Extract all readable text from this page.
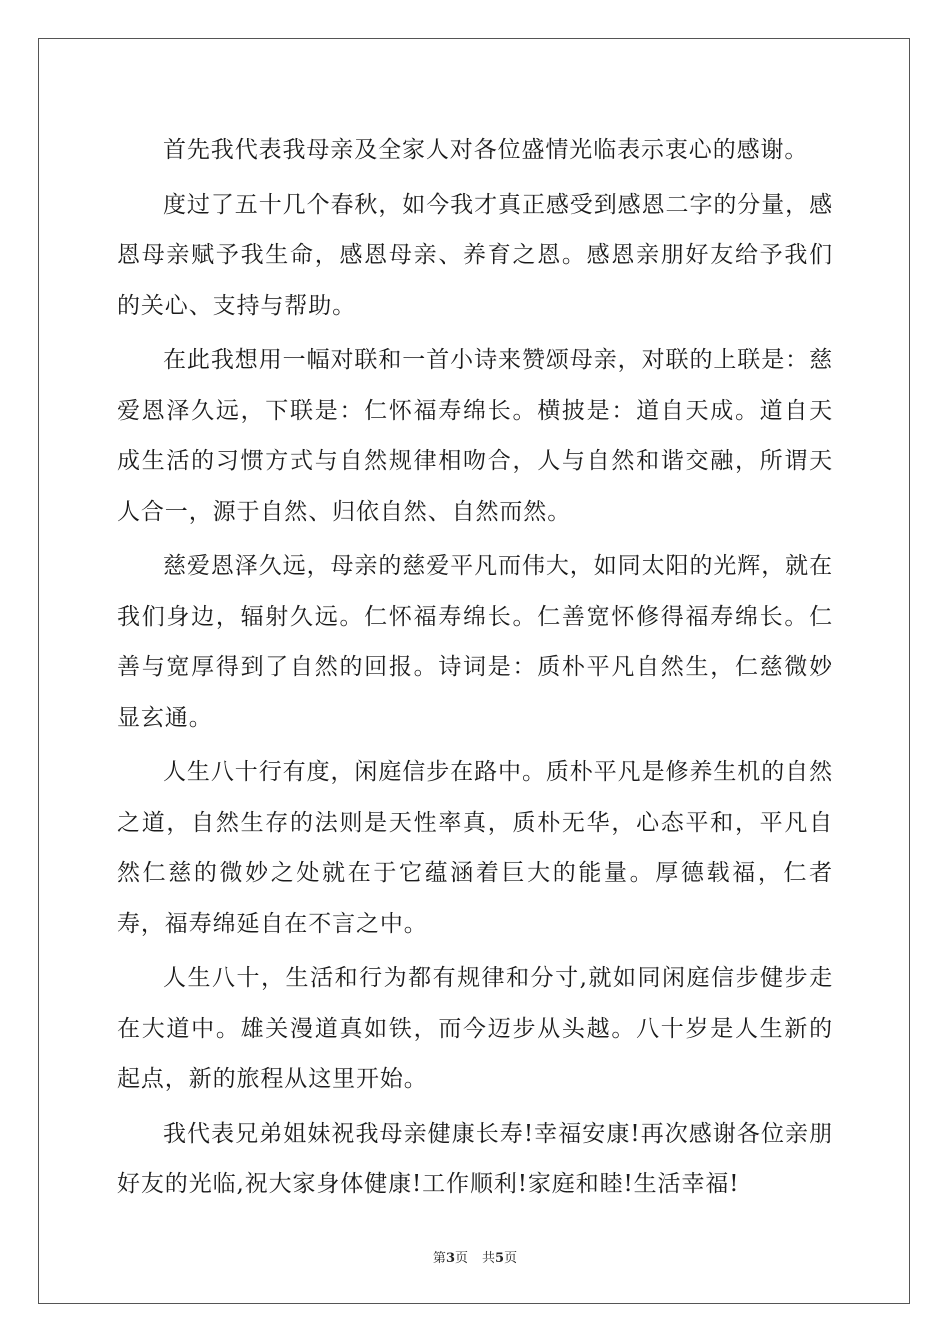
首先我代表我母亲及全家人对各位盛情光临表示衷心的感谢。

度过了五十几个春秋，如今我才真正感受到感恩二字的分量，感恩母亲赋予我生命，感恩母亲、养育之恩。感恩亲朋好友给予我们的关心、支持与帮助。

在此我想用一幅对联和一首小诗来赞颂母亲，对联的上联是：慈爱恩泽久远，下联是：仁怀福寿绵长。横披是：道自天成。道自天成生活的习惯方式与自然规律相吻合，人与自然和谐交融，所谓天人合一，源于自然、归依自然、自然而然。

慈爱恩泽久远，母亲的慈爱平凡而伟大，如同太阳的光辉，就在我们身边，辐射久远。仁怀福寿绵长。仁善宽怀修得福寿绵长。仁善与宽厚得到了自然的回报。诗词是：质朴平凡自然生，仁慈微妙显玄通。

人生八十行有度，闲庭信步在路中。质朴平凡是修养生机的自然之道，自然生存的法则是天性率真，质朴无华，心态平和，平凡自然仁慈的微妙之处就在于它蕴涵着巨大的能量。厚德载福，仁者寿，福寿绵延自在不言之中。

人生八十，生活和行为都有规律和分寸,就如同闲庭信步健步走在大道中。雄关漫道真如铁，而今迈步从头越。八十岁是人生新的起点，新的旅程从这里开始。

我代表兄弟姐妹祝我母亲健康长寿!幸福安康!再次感谢各位亲朋好友的光临,祝大家身体健康!工作顺利!家庭和睦!生活幸福!

第3页 共5页
